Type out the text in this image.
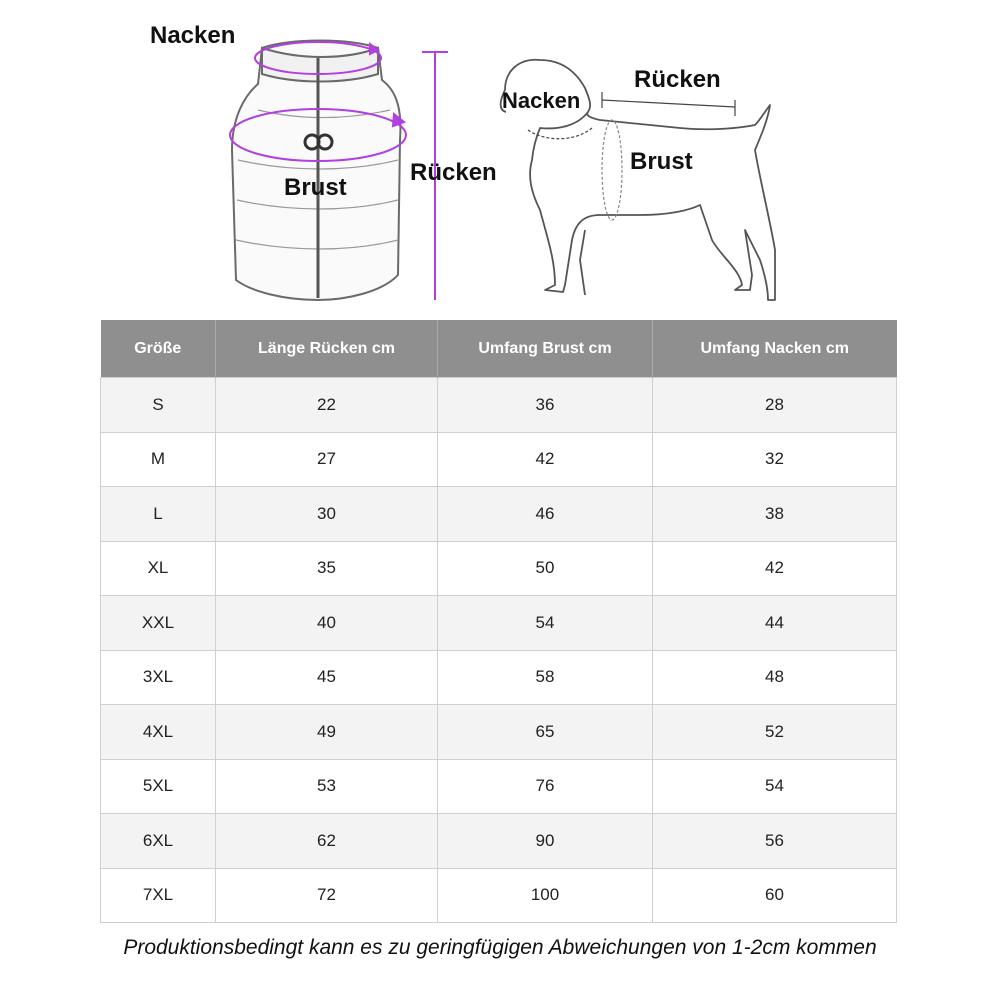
Nacken
Brust
Rücken
Nacken
Rücken
Brust
Größe	Länge Rücken cm	Umfang Brust cm	Umfang Nacken cm
S	22	36	28
M	27	42	32
L	30	46	38
XL	35	50	42
XXL	40	54	44
3XL	45	58	48
4XL	49	65	52
5XL	53	76	54
6XL	62	90	56
7XL	72	100	60
Produktionsbedingt kann es zu geringfügigen Abweichungen von 1-2cm kommen
